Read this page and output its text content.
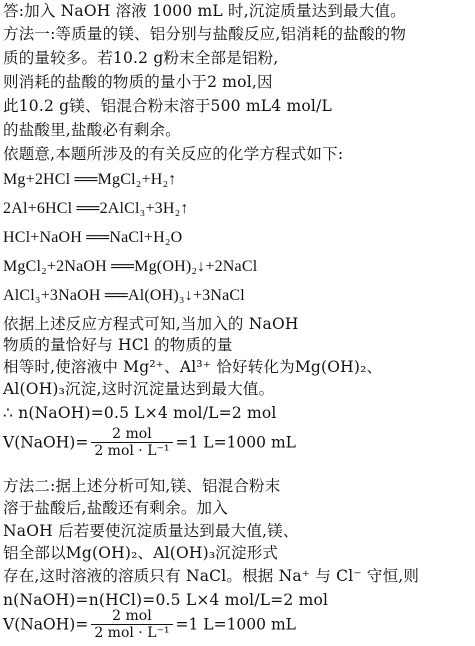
答:加入 NaOH 溶液 1000 mL 时,沉淀质量达到最大值。
方法一:等质量的镁、铝分别与盐酸反应,铝消耗的盐酸的物
质的量较多。若10.2 g粉末全部是铝粉,
则消耗的盐酸的物质的量小于2 mol,因
此10.2 g镁、铝混合粉末溶于500 mL4 mol/L
的盐酸里,盐酸必有剩余。
依题意,本题所涉及的有关反应的化学方程式如下:
Mg+2HCl ══MgCl₂+H₂↑
2Al+6HCl ══2AlCl₃+3H₂↑
HCl+NaOH ══NaCl+H₂O
MgCl₂+2NaOH ══Mg(OH)₂↓+2NaCl
AlCl₃+3NaOH ══Al(OH)₃↓+3NaCl
依据上述反应方程式可知,当加入的 NaOH
物质的量恰好与 HCl 的物质的量
相等时,使溶液中 Mg²⁺、Al³⁺ 恰好转化为Mg(OH)₂、
Al(OH)₃沉淀,这时沉淀量达到最大值。
∴ n(NaOH)=0.5 L×4 mol/L=2 mol
V(NaOH)= $\frac{\text{2 mol}}{\text{2 mol · L⁻¹}} =1$ L=1000 mL
方法二:据上述分析可知,镁、铝混合粉末
溶于盐酸后,盐酸还有剩余。加入
NaOH 后若要使沉淀质量达到最大值,镁、
铝全部以Mg(OH)₂、Al(OH)₃沉淀形式
存在,这时溶液的溶质只有 NaCl。根据 Na⁺ 与 Cl⁻ 守恒,则
n(NaOH)=n(HCl)=0.5 L×4 mol/L=2 mol
V(NaOH)= $\frac{\text{2 mol}}{\text{2 mol · L⁻¹}} =1$ L=1000 mL
